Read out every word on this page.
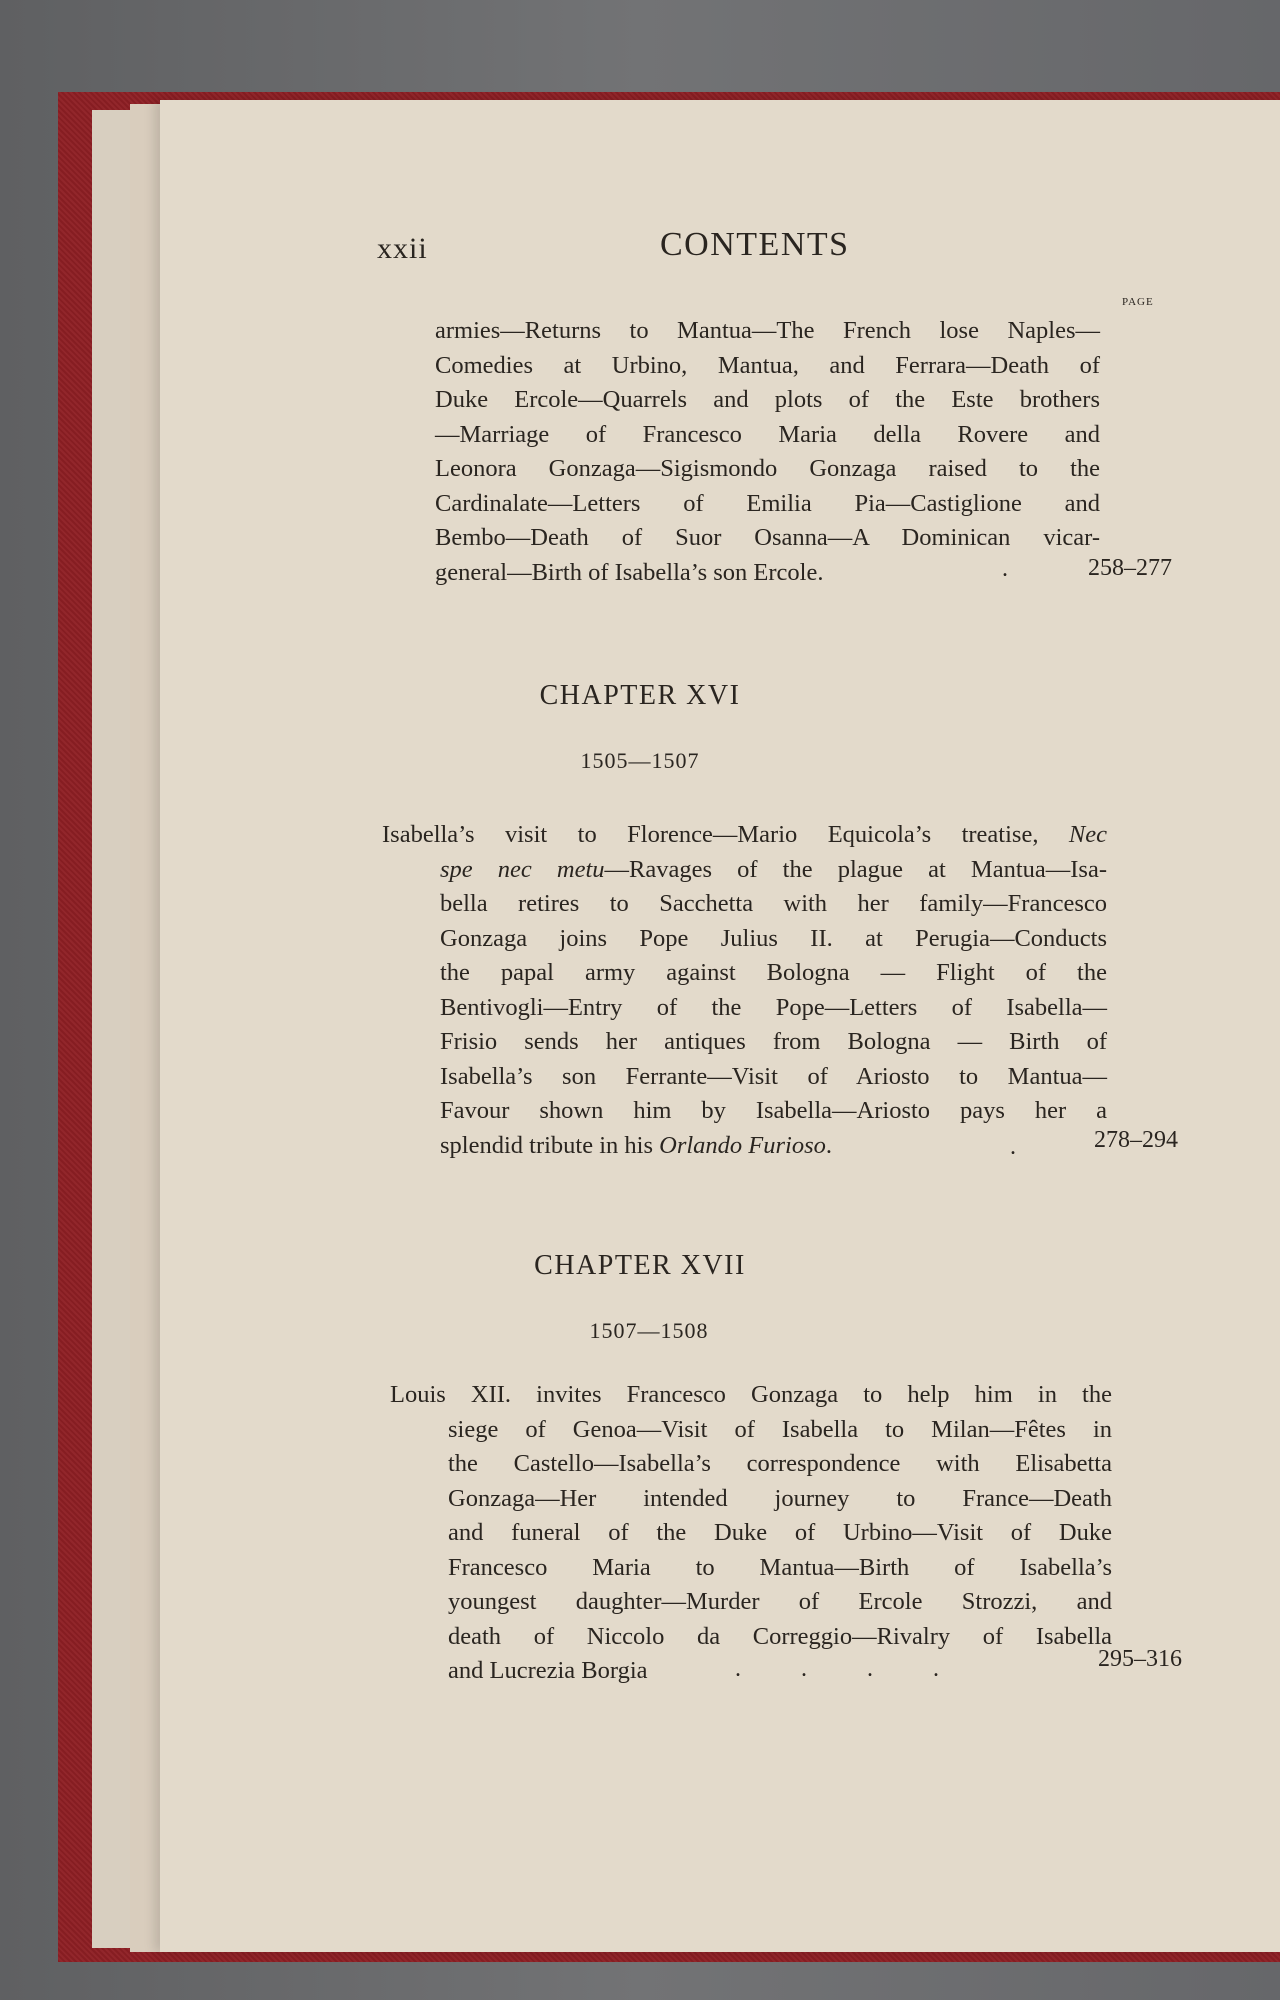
xxii	CONTENTS
PAGE
armies—Returns to Mantua—The French lose Naples—
Comedies at Urbino, Mantua, and Ferrara—Death of
Duke Ercole—Quarrels and plots of the Este brothers
—Marriage of Francesco Maria della Rovere and
Leonora Gonzaga—Sigismondo Gonzaga raised to the
Cardinalate—Letters of Emilia Pia—Castiglione and
Bembo—Death of Suor Osanna—A Dominican vicar-
general—Birth of Isabella’s son Ercole.	.	258–277
CHAPTER XVI
1505—1507
Isabella’s visit to Florence—Mario Equicola’s treatise, Nec
spe nec metu—Ravages of the plague at Mantua—Isa-
bella retires to Sacchetta with her family—Francesco
Gonzaga joins Pope Julius II. at Perugia—Conducts
the papal army against Bologna — Flight of the
Bentivogli—Entry of the Pope—Letters of Isabella—
Frisio sends her antiques from Bologna — Birth of
Isabella’s son Ferrante—Visit of Ariosto to Mantua—
Favour shown him by Isabella—Ariosto pays her a
splendid tribute in his Orlando Furioso.	.	278–294
CHAPTER XVII
1507—1508
Louis XII. invites Francesco Gonzaga to help him in the
siege of Genoa—Visit of Isabella to Milan—Fêtes in
the Castello—Isabella’s correspondence with Elisabetta
Gonzaga—Her intended journey to France—Death
and funeral of the Duke of Urbino—Visit of Duke
Francesco Maria to Mantua—Birth of Isabella’s
youngest daughter—Murder of Ercole Strozzi, and
death of Niccolo da Correggio—Rivalry of Isabella
and Lucrezia Borgia	.          .          .          .	295–316
